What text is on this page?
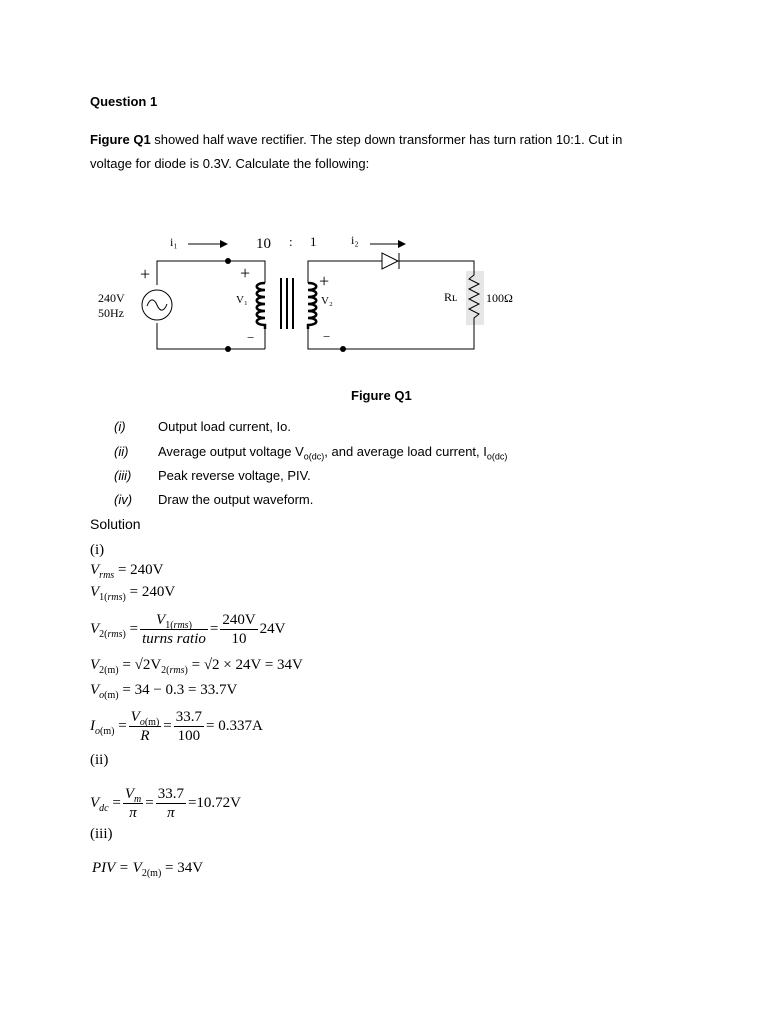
Question 1
Figure Q1 showed half wave rectifier. The step down transformer has turn ration 10:1. Cut in
voltage for diode is 0.3V. Calculate the following:
i₁	10 : 1	i₂
+
240V
50Hz
+
V₁
−
+
V₂
−
Rʟ 100Ω
Figure Q1
(i) Output load current, Io.
(ii) Average output voltage $V_{o(dc)}$, and average load current, $I_{o(dc)}$
(iii) Peak reverse voltage, PIV.
(iv) Draw the output waveform.
Solution
(i)
$V_{rms} = 240V$
$V_{1(rms)} = 240V$
$V_{2(rms)} = \frac{V_{1(rms)}}{\text{turns ratio}} = \frac{240V}{10} 24V$
$V_{2(m)} = √2V_{2(rms)} = √2 \times 24V = 34V$
$V_{o(m)} = 34 - 0.3 = 33.7V$
$I_{o(m)} = \frac{V_{o(m)}}{R} = \frac{33.7}{100} = 0.337A$
(ii)
$V_{dc} = \frac{V_m}{\pi} = \frac{33.7}{\pi} =10.72V$
(iii)
PIV = $V_{2(m)} = 34V$
